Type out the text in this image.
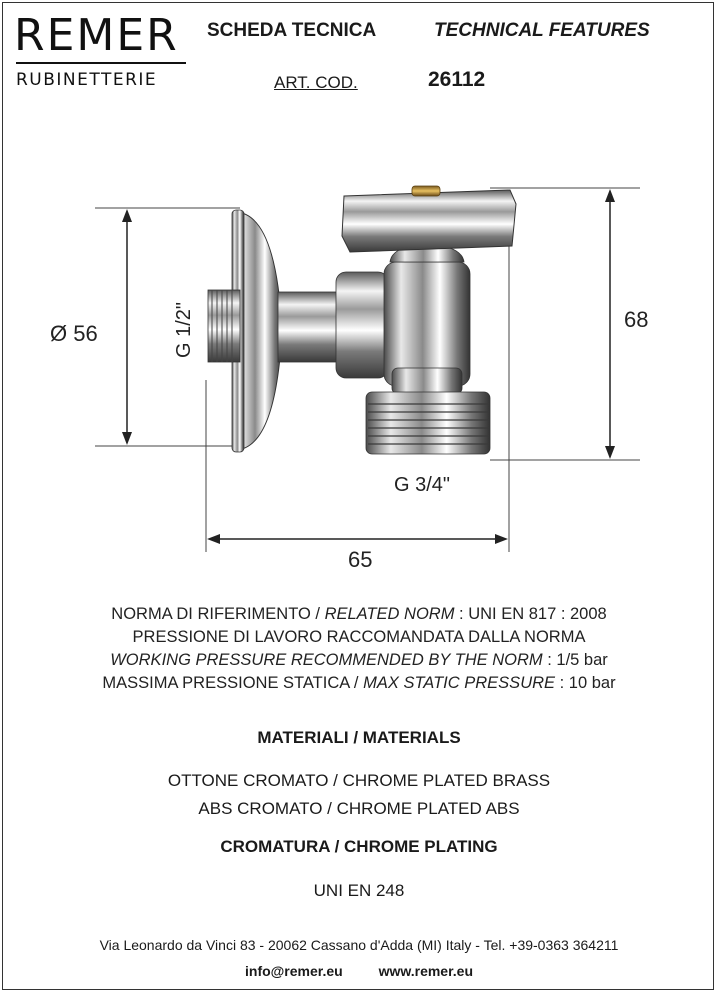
REMER
RUBINETTERIE
SCHEDA TECNICA	TECHNICAL FEATURES
ART. COD.	26112
Ø 56	G 1/2"	68
G 3/4"
65
NORMA DI RIFERIMENTO / RELATED NORM : UNI EN 817 : 2008
PRESSIONE DI LAVORO RACCOMANDATA DALLA NORMA
WORKING PRESSURE RECOMMENDED BY THE NORM : 1/5 bar
MASSIMA PRESSIONE STATICA / MAX STATIC PRESSURE : 10 bar
MATERIALI / MATERIALS
OTTONE CROMATO / CHROME PLATED BRASS
ABS CROMATO / CHROME PLATED ABS
CROMATURA / CHROME PLATING
UNI EN 248
Via Leonardo da Vinci 83 - 20062 Cassano d'Adda (MI) Italy - Tel. +39-0363 364211
info@remer.eu	www.remer.eu
